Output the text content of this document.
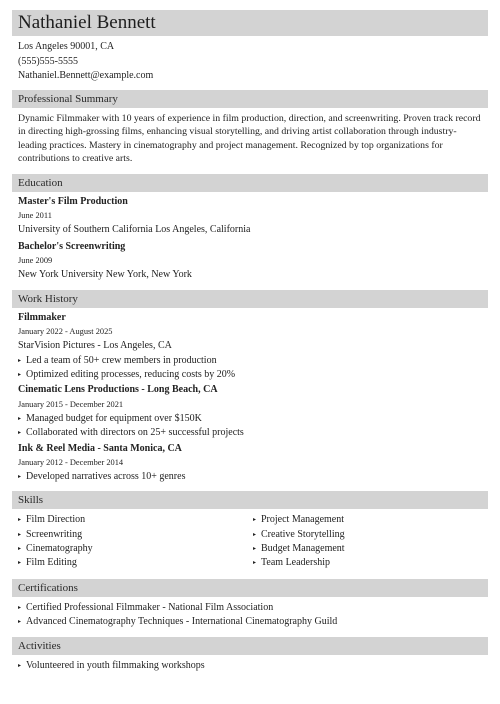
Nathaniel Bennett
Los Angeles 90001, CA
(555)555-5555
Nathaniel.Bennett@example.com
Professional Summary
Dynamic Filmmaker with 10 years of experience in film production, direction, and screenwriting. Proven track record in directing high-grossing films, enhancing visual storytelling, and driving artist collaboration through industry-leading practices. Mastery in cinematography and project management. Recognized by top organizations for contributions to creative arts.
Education
Master's Film Production
June 2011
University of Southern California Los Angeles, California
Bachelor's Screenwriting
June 2009
New York University New York, New York
Work History
Filmmaker
January 2022 - August 2025
StarVision Pictures - Los Angeles, CA
▸ Led a team of 50+ crew members in production
▸ Optimized editing processes, reducing costs by 20%
Cinematic Lens Productions - Long Beach, CA
January 2015 - December 2021
▸ Managed budget for equipment over $150K
▸ Collaborated with directors on 25+ successful projects
Ink & Reel Media - Santa Monica, CA
January 2012 - December 2014
▸ Developed narratives across 10+ genres
Skills
▸ Film Direction
▸ Screenwriting
▸ Cinematography
▸ Film Editing
▸ Project Management
▸ Creative Storytelling
▸ Budget Management
▸ Team Leadership
Certifications
▸ Certified Professional Filmmaker - National Film Association
▸ Advanced Cinematography Techniques - International Cinematography Guild
Activities
▸ Volunteered in youth filmmaking workshops
